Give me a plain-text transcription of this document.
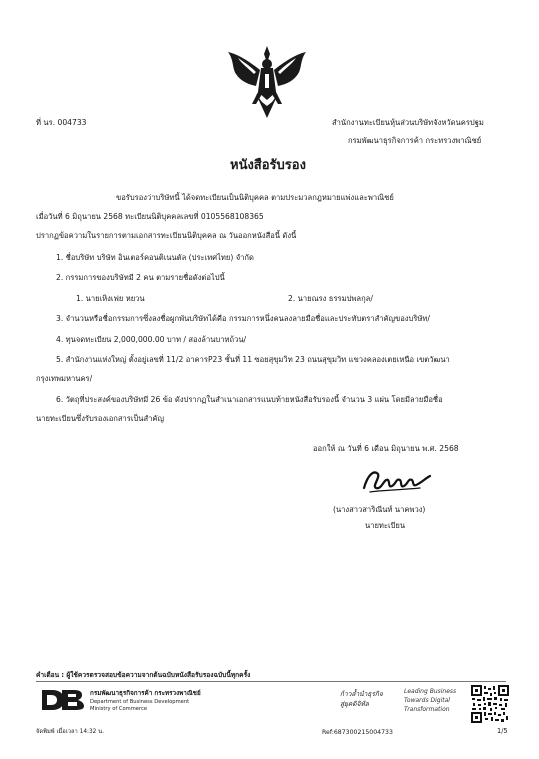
ที่ นร. 004733	สำนักงานทะเบียนหุ้นส่วนบริษัทจังหวัดนครปฐม
กรมพัฒนาธุรกิจการค้า กระทรวงพาณิชย์
หนังสือรับรอง
ขอรับรองว่าบริษัทนี้ ได้จดทะเบียนเป็นนิติบุคคล ตามประมวลกฎหมายแพ่งและพาณิชย์
เมื่อวันที่ 6 มิถุนายน 2568 ทะเบียนนิติบุคคลเลขที่ 0105568108365
ปรากฏข้อความในรายการตามเอกสารทะเบียนนิติบุคคล ณ วันออกหนังสือนี้ ดังนี้
1. ชื่อบริษัท บริษัท อินเตอร์คอนติเนนตัล (ประเทศไทย) จำกัด
2. กรรมการของบริษัทมี 2 คน ตามรายชื่อดังต่อไปนี้
1. นายเหิงเฟย หยวน	2. นายณรง ธรรมปพลกุล/
3. จำนวนหรือชื่อกรรมการซึ่งลงชื่อผูกพันบริษัทได้คือ กรรมการหนึ่งคนลงลายมือชื่อและประทับตราสำคัญของบริษัท/
4. ทุนจดทะเบียน 2,000,000.00 บาท / สองล้านบาทถ้วน/
5. สำนักงานแห่งใหญ่ ตั้งอยู่เลขที่ 11/2 อาคารP23 ชั้นที่ 11 ซอยสุขุมวิท 23 ถนนสุขุมวิท แขวงคลองเตยเหนือ เขตวัฒนา
กรุงเทพมหานคร/
6. วัตถุที่ประสงค์ของบริษัทมี 26 ข้อ ดังปรากฏในสำเนาเอกสารแนบท้ายหนังสือรับรองนี้ จำนวน 3 แผ่น โดยมีลายมือชื่อ
นายทะเบียนซึ่งรับรองเอกสารเป็นสำคัญ
ออกให้ ณ วันที่ 6 เดือน มิถุนายน พ.ศ. 2568
(นางสาวสาริณีนท์ นาคพวง)
นายทะเบียน
คำเตือน : ผู้ใช้ควรตรวจสอบข้อความจากต้นฉบับหนังสือรับรองฉบับนี้ทุกครั้ง
กรมพัฒนาธุรกิจการค้า กระทรวงพาณิชย์
Department of Business Development
Ministry of Commerce
ก้าวล้ำนำธุรกิจ
สู่ยุคดิจิทัล
Leading Business
Towards Digital
Transformation
จัดพิมพ์ เมื่อเวลา 14:32 น.	Ref:687300215004733	1/5
